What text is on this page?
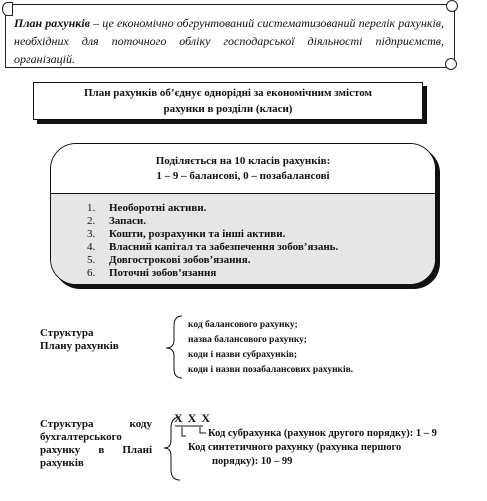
План рахунків – це економічно обгрунтований систематизований перелік рахунків, необхідних для поточного обліку господарської діяльності підприємств, організацій.
План рахунків об’єднує однорідні за економічним змістом
рахунки в розділи (класи)
Поділяється на 10 класів рахунків:
1 – 9 – балансові, 0 – позабалансові
1. Необоротні активи.
2. Запаси.
3. Кошти, розрахунки та інші активи.
4. Власний капітал та забезпечення зобов’язань.
5. Довгострокові зобов’язання.
6. Поточні зобов’язання
Структура
Плану рахунків
код балансового рахунку;
назва балансового рахунку;
коди і назви субрахунків;
коди і назви позабалансових рахунків.
Структура коду
бухгалтерського
рахунку в Плані
рахунків
Х Х Х
Код субрахунка (рахунок другого порядку): 1 – 9
Код синтетичного рахунку (рахунка першого
порядку): 10 – 99
